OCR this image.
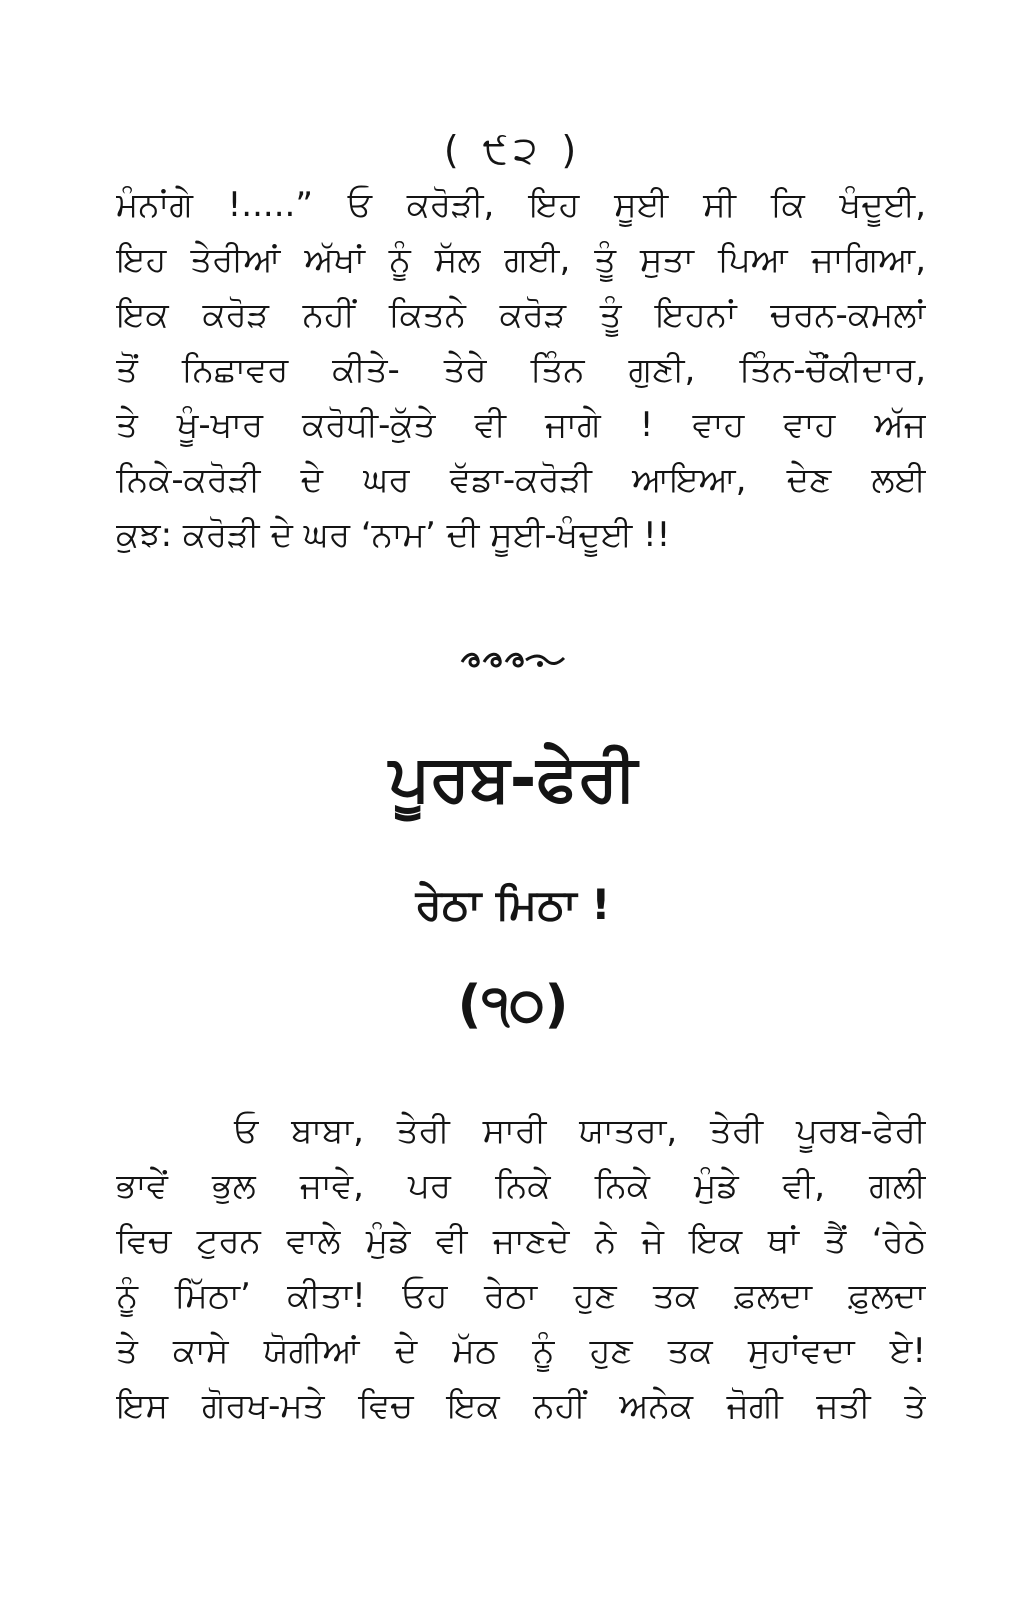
( ੯੨ )
ਮੰਨਾਂਗੇ !.....” ਓ ਕਰੋੜੀ, ਇਹ ਸੂਈ ਸੀ ਕਿ ਖੰਦੂਈ,
ਇਹ ਤੇਰੀਆਂ ਅੱਖਾਂ ਨੂੰ ਸੱਲ ਗਈ, ਤੂੰ ਸੁਤਾ ਪਿਆ ਜਾਗਿਆ,
ਇਕ ਕਰੋੜ ਨਹੀਂ ਕਿਤਨੇ ਕਰੋੜ ਤੂੰ ਇਹਨਾਂ ਚਰਨ-ਕਮਲਾਂ
ਤੋਂ ਨਿਛਾਵਰ ਕੀਤੇ- ਤੇਰੇ ਤਿੰਨ ਗੁਣੀ, ਤਿੰਨ-ਚੌਂਕੀਦਾਰ,
ਤੇ ਖੂੰ-ਖਾਰ ਕਰੋਧੀ-ਕੁੱਤੇ ਵੀ ਜਾਗੇ ! ਵਾਹ ਵਾਹ ਅੱਜ
ਨਿਕੇ-ਕਰੋੜੀ ਦੇ ਘਰ ਵੱਡਾ-ਕਰੋੜੀ ਆਇਆ, ਦੇਣ ਲਈ
ਕੁਝ: ਕਰੋੜੀ ਦੇ ਘਰ ‘ਨਾਮ’ ਦੀ ਸੂਈ-ਖੰਦੂਈ !!
ਪੂਰਬ-ਫੇਰੀ
ਰੇਠਾ ਮਿਠਾ !
(੧੦)
ਓ ਬਾਬਾ, ਤੇਰੀ ਸਾਰੀ ਯਾਤਰਾ, ਤੇਰੀ ਪੂਰਬ-ਫੇਰੀ
ਭਾਵੇਂ ਭੁਲ ਜਾਵੇ, ਪਰ ਨਿਕੇ ਨਿਕੇ ਮੁੰਡੇ ਵੀ, ਗਲੀ
ਵਿਚ ਟੁਰਨ ਵਾਲੇ ਮੁੰਡੇ ਵੀ ਜਾਣਦੇ ਨੇ ਜੇ ਇਕ ਥਾਂ ਤੈਂ ‘ਰੇਠੇ
ਨੂੰ ਮਿੱਠਾ’ ਕੀਤਾ! ਓਹ ਰੇਠਾ ਹੁਣ ਤਕ ਫ਼ਲਦਾ ਫ਼ੁਲਦਾ
ਤੇ ਕਾਸੇ ਯੋਗੀਆਂ ਦੇ ਮੱਠ ਨੂੰ ਹੁਣ ਤਕ ਸੁਹਾਂਵਦਾ ਏ!
ਇਸ ਗੋਰਖ-ਮਤੇ ਵਿਚ ਇਕ ਨਹੀਂ ਅਨੇਕ ਜੋਗੀ ਜਤੀ ਤੇ
